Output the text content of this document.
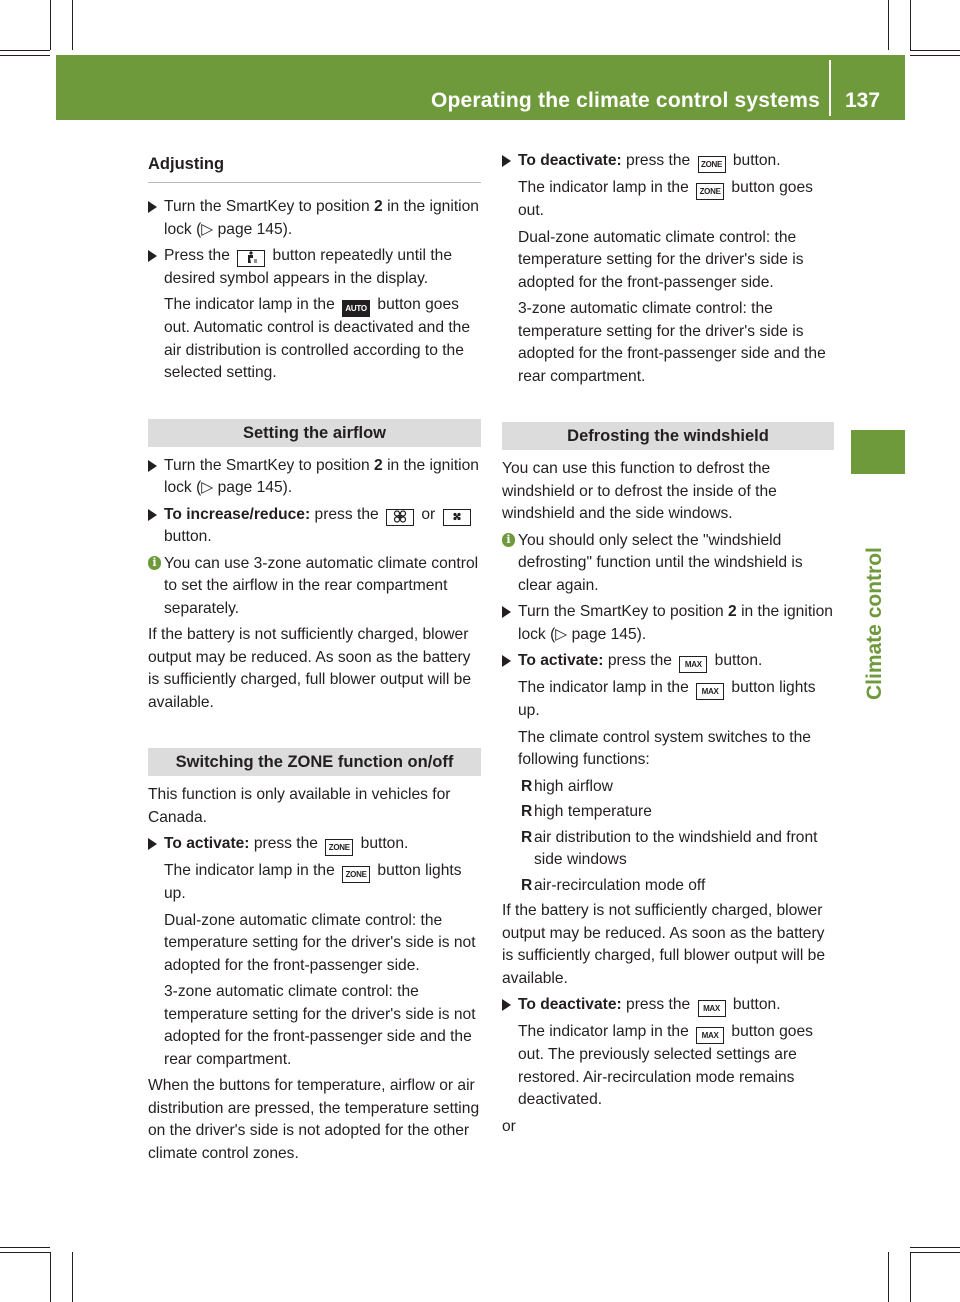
Operating the climate control systems 137
Climate control
Adjusting
Turn the SmartKey to position 2 in the ignition lock (▷ page 145).
Press the  button repeatedly until the desired symbol appears in the display.
The indicator lamp in the AUTO button goes out. Automatic control is deactivated and the air distribution is controlled according to the selected setting.
Setting the airflow
Turn the SmartKey to position 2 in the ignition lock (▷ page 145).
To increase/reduce: press the  or  button.
i You can use 3-zone automatic climate control to set the airflow in the rear compartment separately.

If the battery is not sufficiently charged, blower output may be reduced. As soon as the battery is sufficiently charged, full blower output will be available.

Switching the ZONE function on/off

This function is only available in vehicles for Canada.

To activate: press the ZONE button.
The indicator lamp in the ZONE button lights up.
Dual-zone automatic climate control: the temperature setting for the driver's side is not adopted for the front-passenger side.
3-zone automatic climate control: the temperature setting for the driver's side is not adopted for the front-passenger side and the rear compartment.

When the buttons for temperature, airflow or air distribution are pressed, the temperature setting on the driver's side is not adopted for the other climate control zones.

To deactivate: press the ZONE button.
The indicator lamp in the ZONE button goes out.
Dual-zone automatic climate control: the temperature setting for the driver's side is adopted for the front-passenger side.
3-zone automatic climate control: the temperature setting for the driver's side is adopted for the front-passenger side and the rear compartment.
Defrosting the windshield

You can use this function to defrost the windshield or to defrost the inside of the windshield and the side windows.

i You should only select the "windshield defrosting" function until the windshield is clear again.
Turn the SmartKey to position 2 in the ignition lock (▷ page 145).
To activate: press the MAX button.
The indicator lamp in the MAX button lights up.
The climate control system switches to the following functions:
R high airflow
R high temperature
R air distribution to the windshield and front side windows
R air-recirculation mode off

If the battery is not sufficiently charged, blower output may be reduced. As soon as the battery is sufficiently charged, full blower output will be available.

To deactivate: press the MAX button.
The indicator lamp in the MAX button goes out. The previously selected settings are restored. Air-recirculation mode remains deactivated.

or
